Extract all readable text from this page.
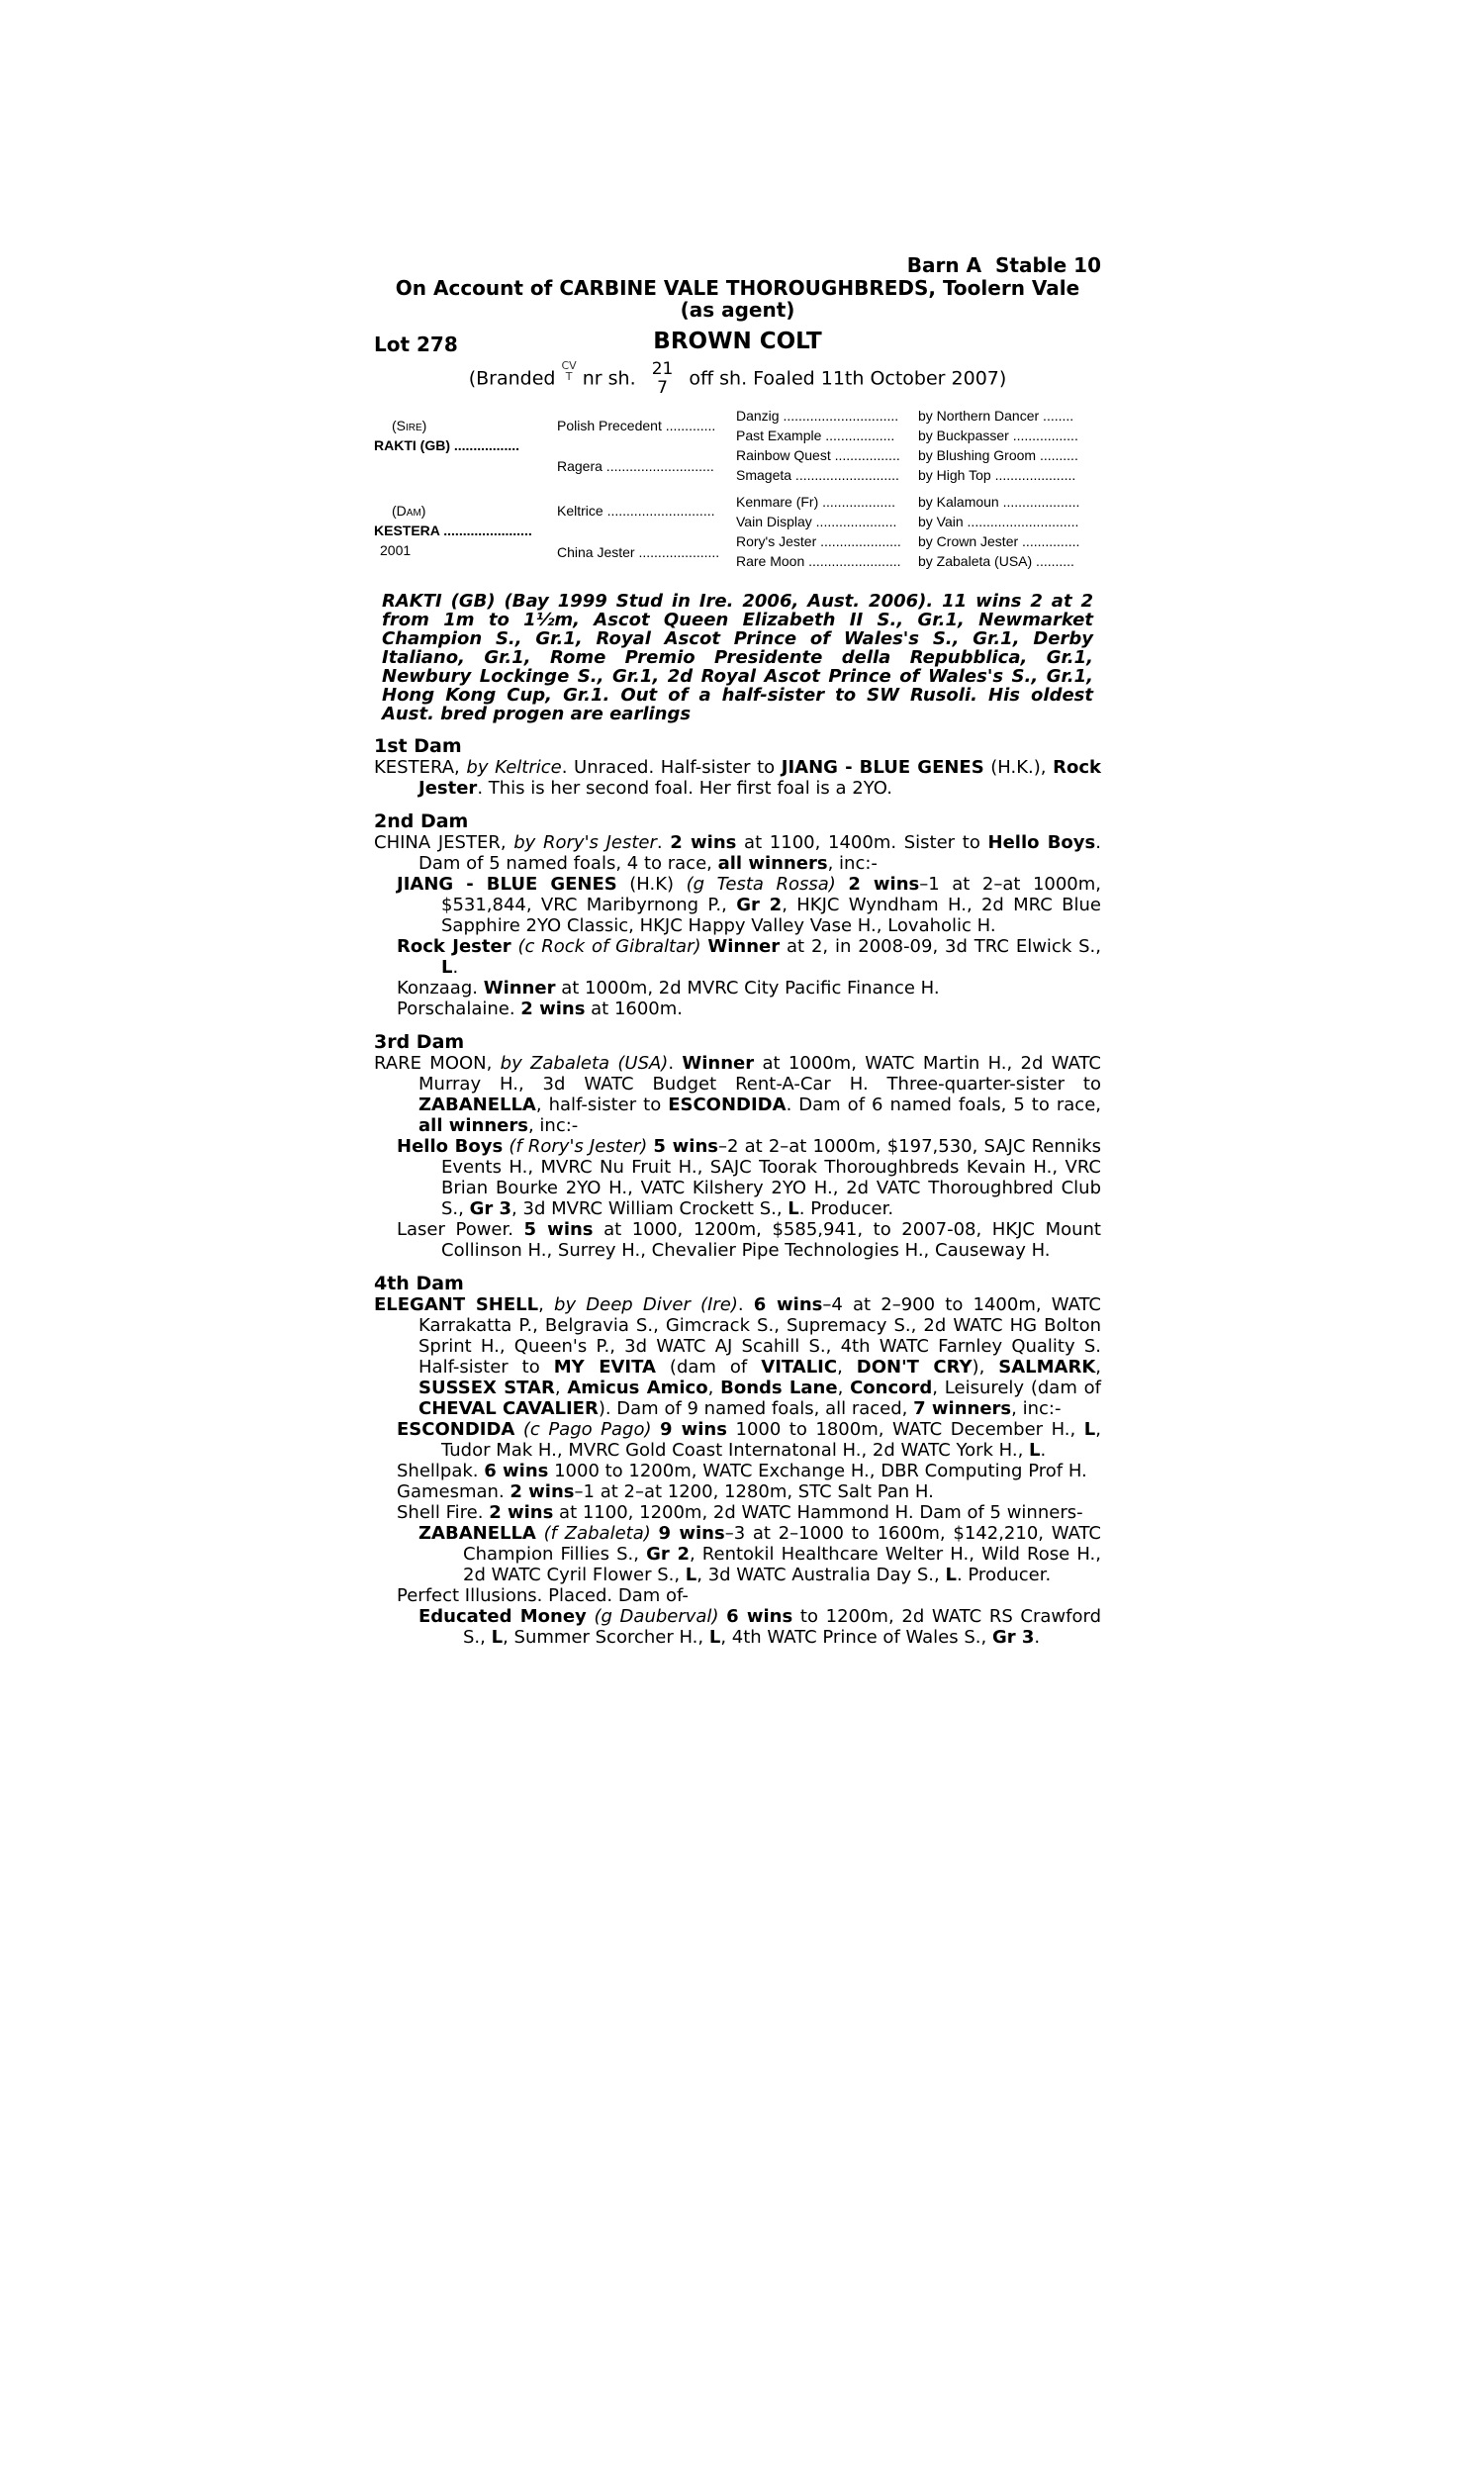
Barn A  Stable 10
On Account of CARBINE VALE THOROUGHBREDS, Toolern Vale
(as agent)
Lot 278	BROWN COLT
(Branded CV
T nr sh. 21
7 off sh. Foaled 11th October 2007)
(Sire)
RAKTI (GB) .................
(Dam)
KESTERA .......................
2001
Polish Precedent .............
Ragera ............................
Keltrice ............................
China Jester .....................
Danzig ..............................
Past Example ..................
Rainbow Quest .................
Smageta ...........................
Kenmare (Fr) ...................
Vain Display .....................
Rory's Jester .....................
Rare Moon ........................
by Northern Dancer ........
by Buckpasser .................
by Blushing Groom ..........
by High Top .....................
by Kalamoun ....................
by Vain .............................
by Crown Jester ...............
by Zabaleta (USA) ..........
RAKTI (GB) (Bay 1999 Stud in Ire. 2006, Aust. 2006). 11 wins 2 at 2 from 1m to 1½m, Ascot Queen Elizabeth II S., Gr.1, Newmarket Champion S., Gr.1, Royal Ascot Prince of Wales's S., Gr.1, Derby Italiano, Gr.1, Rome Premio Presidente della Repubblica, Gr.1, Newbury Lockinge S., Gr.1, 2d Royal Ascot Prince of Wales's S., Gr.1, Hong Kong Cup, Gr.1. Out of a half-sister to SW Rusoli. His oldest Aust. bred progen are earlings
1st Dam
KESTERA, by Keltrice. Unraced. Half-sister to JIANG - BLUE GENES (H.K.), Rock Jester. This is her second foal. Her first foal is a 2YO.
2nd Dam
CHINA JESTER, by Rory's Jester. 2 wins at 1100, 1400m. Sister to Hello Boys. Dam of 5 named foals, 4 to race, all winners, inc:-
JIANG - BLUE GENES (H.K) (g Testa Rossa) 2 wins–1 at 2–at 1000m, $531,844, VRC Maribyrnong P., Gr 2, HKJC Wyndham H., 2d MRC Blue Sapphire 2YO Classic, HKJC Happy Valley Vase H., Lovaholic H.
Rock Jester (c Rock of Gibraltar) Winner at 2, in 2008-09, 3d TRC Elwick S., L.
Konzaag. Winner at 1000m, 2d MVRC City Pacific Finance H.
Porschalaine. 2 wins at 1600m.
3rd Dam
RARE MOON, by Zabaleta (USA). Winner at 1000m, WATC Martin H., 2d WATC Murray H., 3d WATC Budget Rent-A-Car H. Three-quarter-sister to ZABANELLA, half-sister to ESCONDIDA. Dam of 6 named foals, 5 to race, all winners, inc:-
Hello Boys (f Rory's Jester) 5 wins–2 at 2–at 1000m, $197,530, SAJC Renniks Events H., MVRC Nu Fruit H., SAJC Toorak Thoroughbreds Kevain H., VRC Brian Bourke 2YO H., VATC Kilshery 2YO H., 2d VATC Thoroughbred Club S., Gr 3, 3d MVRC William Crockett S., L. Producer.
Laser Power. 5 wins at 1000, 1200m, $585,941, to 2007-08, HKJC Mount Collinson H., Surrey H., Chevalier Pipe Technologies H., Causeway H.
4th Dam
ELEGANT SHELL, by Deep Diver (Ire). 6 wins–4 at 2–900 to 1400m, WATC Karrakatta P., Belgravia S., Gimcrack S., Supremacy S., 2d WATC HG Bolton Sprint H., Queen's P., 3d WATC AJ Scahill S., 4th WATC Farnley Quality S. Half-sister to MY EVITA (dam of VITALIC, DON'T CRY), SALMARK, SUSSEX STAR, Amicus Amico, Bonds Lane, Concord, Leisurely (dam of CHEVAL CAVALIER). Dam of 9 named foals, all raced, 7 winners, inc:-
ESCONDIDA (c Pago Pago) 9 wins 1000 to 1800m, WATC December H., L, Tudor Mak H., MVRC Gold Coast Internatonal H., 2d WATC York H., L.
Shellpak. 6 wins 1000 to 1200m, WATC Exchange H., DBR Computing Prof H.
Gamesman. 2 wins–1 at 2–at 1200, 1280m, STC Salt Pan H.
Shell Fire. 2 wins at 1100, 1200m, 2d WATC Hammond H. Dam of 5 winners-
ZABANELLA (f Zabaleta) 9 wins–3 at 2–1000 to 1600m, $142,210, WATC Champion Fillies S., Gr 2, Rentokil Healthcare Welter H., Wild Rose H., 2d WATC Cyril Flower S., L, 3d WATC Australia Day S., L. Producer.
Perfect Illusions. Placed. Dam of-
Educated Money (g Dauberval) 6 wins to 1200m, 2d WATC RS Crawford S., L, Summer Scorcher H., L, 4th WATC Prince of Wales S., Gr 3.
